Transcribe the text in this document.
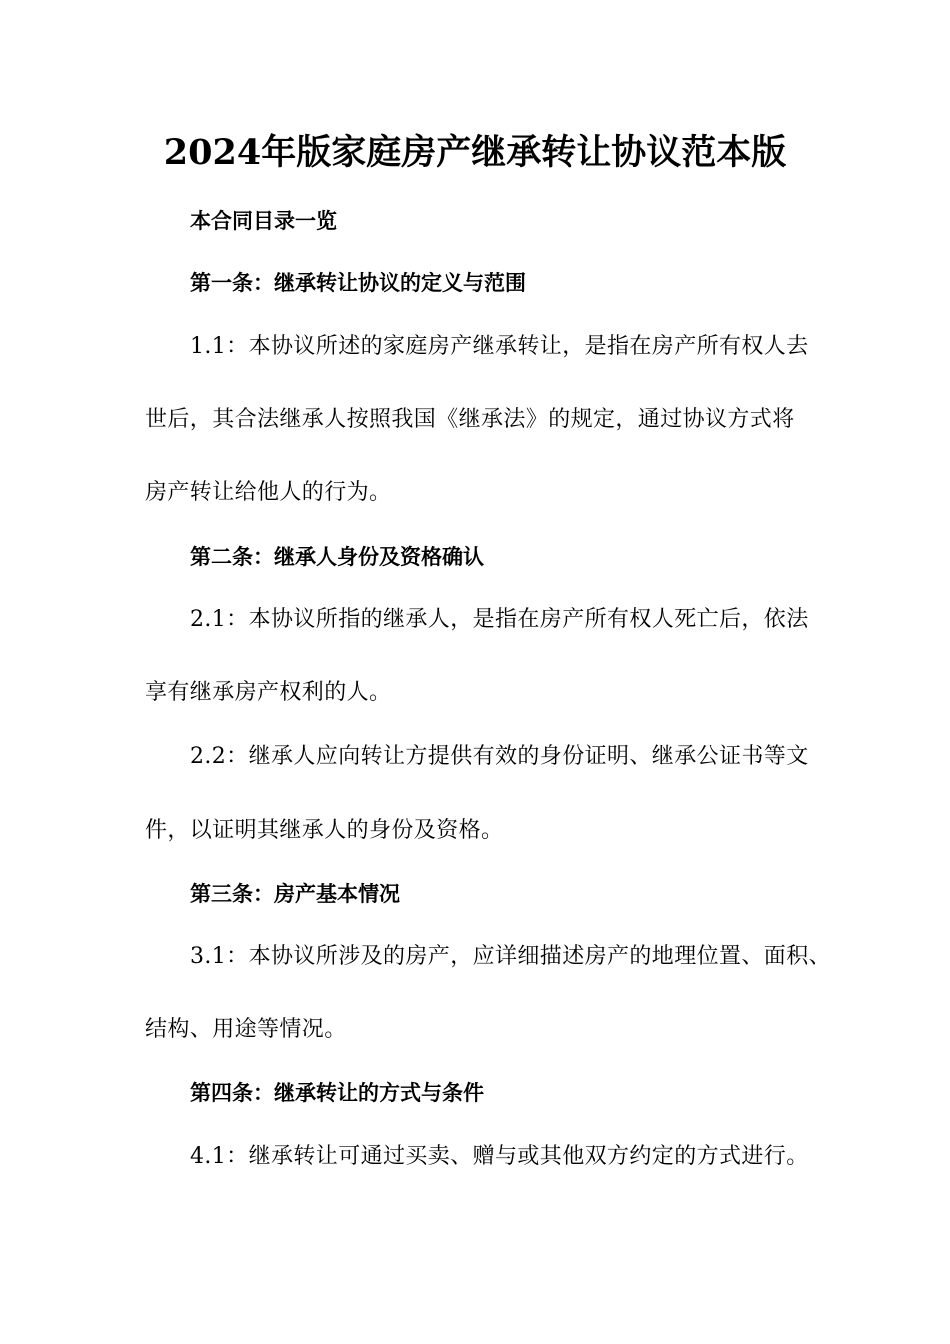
2024年版家庭房产继承转让协议范本版
本合同目录一览
第一条：继承转让协议的定义与范围
1.1：本协议所述的家庭房产继承转让，是指在房产所有权人去
世后，其合法继承人按照我国《继承法》的规定，通过协议方式将
房产转让给他人的行为。
第二条：继承人身份及资格确认
2.1：本协议所指的继承人，是指在房产所有权人死亡后，依法
享有继承房产权利的人。
2.2：继承人应向转让方提供有效的身份证明、继承公证书等文
件，以证明其继承人的身份及资格。
第三条：房产基本情况
3.1：本协议所涉及的房产，应详细描述房产的地理位置、面积、
结构、用途等情况。
第四条：继承转让的方式与条件
4.1：继承转让可通过买卖、赠与或其他双方约定的方式进行。
